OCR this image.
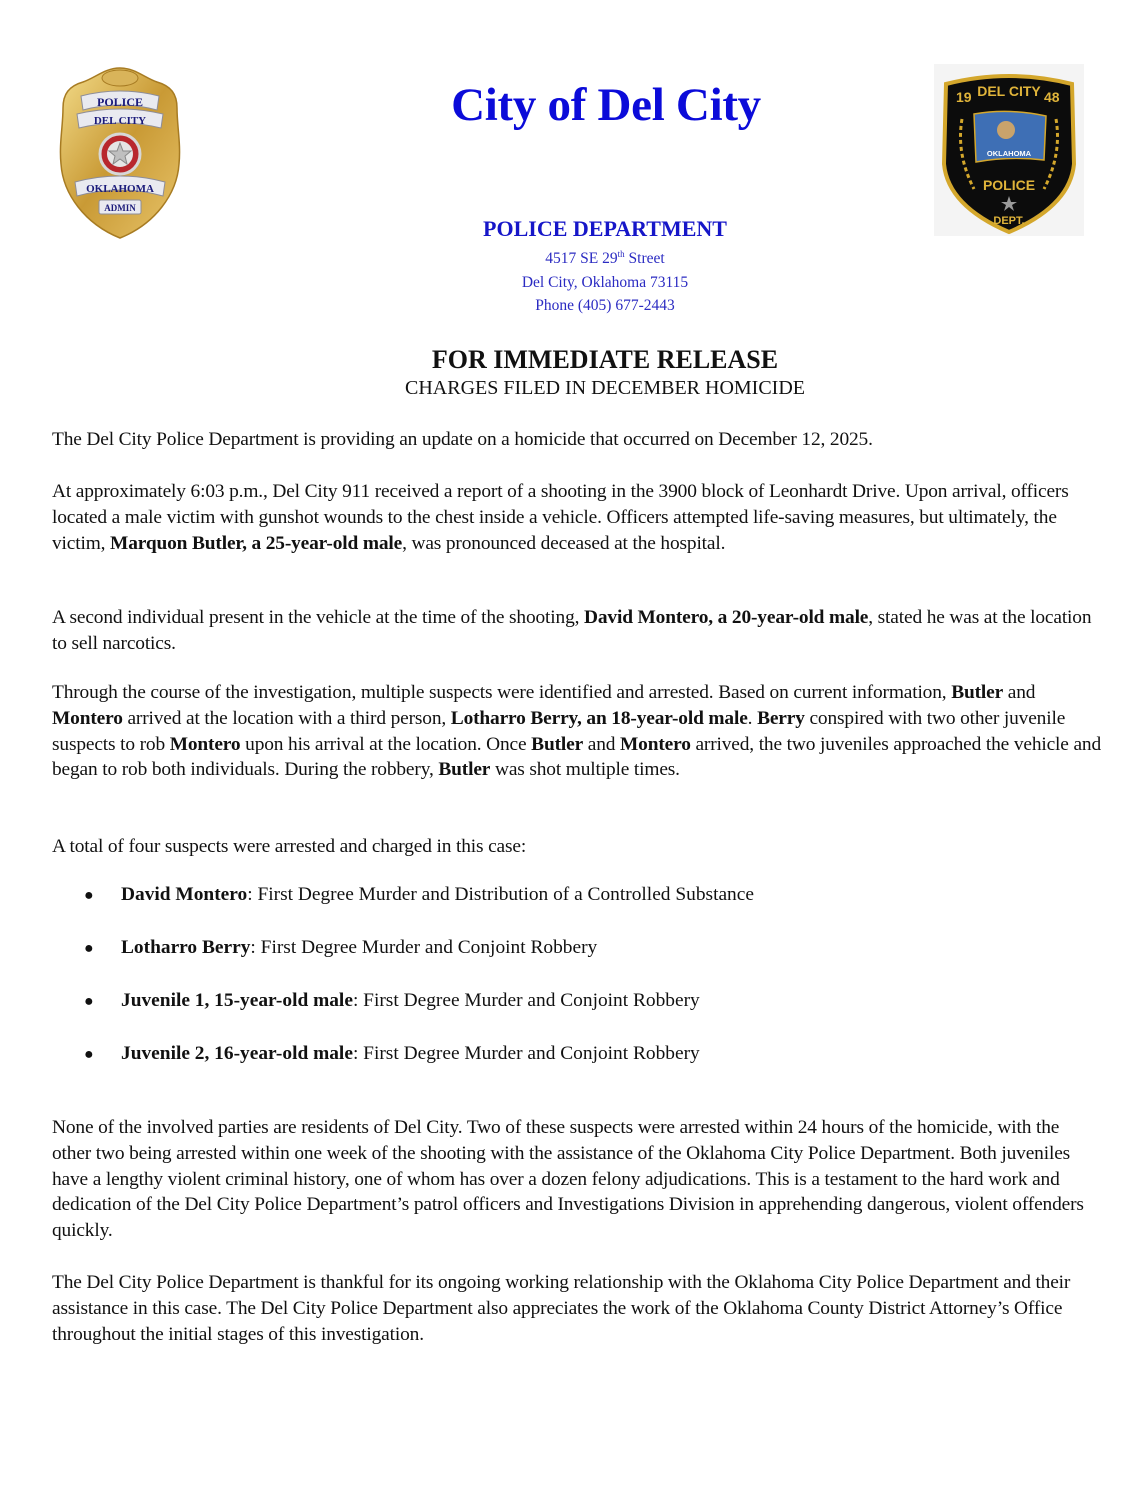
POLICE
DEL CITY
OKLAHOMA
ADMIN
19 DEL CITY 48
OKLAHOMA
POLICE
DEPT.
City of Del City
POLICE DEPARTMENT
4517 SE 29th Street
Del City, Oklahoma 73115
Phone (405) 677-2443
FOR IMMEDIATE RELEASE
CHARGES FILED IN DECEMBER HOMICIDE

The Del City Police Department is providing an update on a homicide that occurred on December 12, 2025.

At approximately 6:03 p.m., Del City 911 received a report of a shooting in the 3900 block of Leonhardt Drive. Upon arrival, officers located a male victim with gunshot wounds to the chest inside a vehicle. Officers attempted life-saving measures, but ultimately, the victim, Marquon Butler, a 25-year-old male, was pronounced deceased at the hospital.

A second individual present in the vehicle at the time of the shooting, David Montero, a 20-year-old male, stated he was at the location to sell narcotics.

Through the course of the investigation, multiple suspects were identified and arrested. Based on current information, Butler and Montero arrived at the location with a third person, Lotharro Berry, an 18-year-old male. Berry conspired with two other juvenile suspects to rob Montero upon his arrival at the location. Once Butler and Montero arrived, the two juveniles approached the vehicle and began to rob both individuals. During the robbery, Butler was shot multiple times.

A total of four suspects were arrested and charged in this case:

● David Montero: First Degree Murder and Distribution of a Controlled Substance
● Lotharro Berry: First Degree Murder and Conjoint Robbery
● Juvenile 1, 15-year-old male: First Degree Murder and Conjoint Robbery
● Juvenile 2, 16-year-old male: First Degree Murder and Conjoint Robbery

None of the involved parties are residents of Del City. Two of these suspects were arrested within 24 hours of the homicide, with the other two being arrested within one week of the shooting with the assistance of the Oklahoma City Police Department. Both juveniles have a lengthy violent criminal history, one of whom has over a dozen felony adjudications. This is a testament to the hard work and dedication of the Del City Police Department’s patrol officers and Investigations Division in apprehending dangerous, violent offenders quickly.

The Del City Police Department is thankful for its ongoing working relationship with the Oklahoma City Police Department and their assistance in this case. The Del City Police Department also appreciates the work of the Oklahoma County District Attorney’s Office throughout the initial stages of this investigation.
